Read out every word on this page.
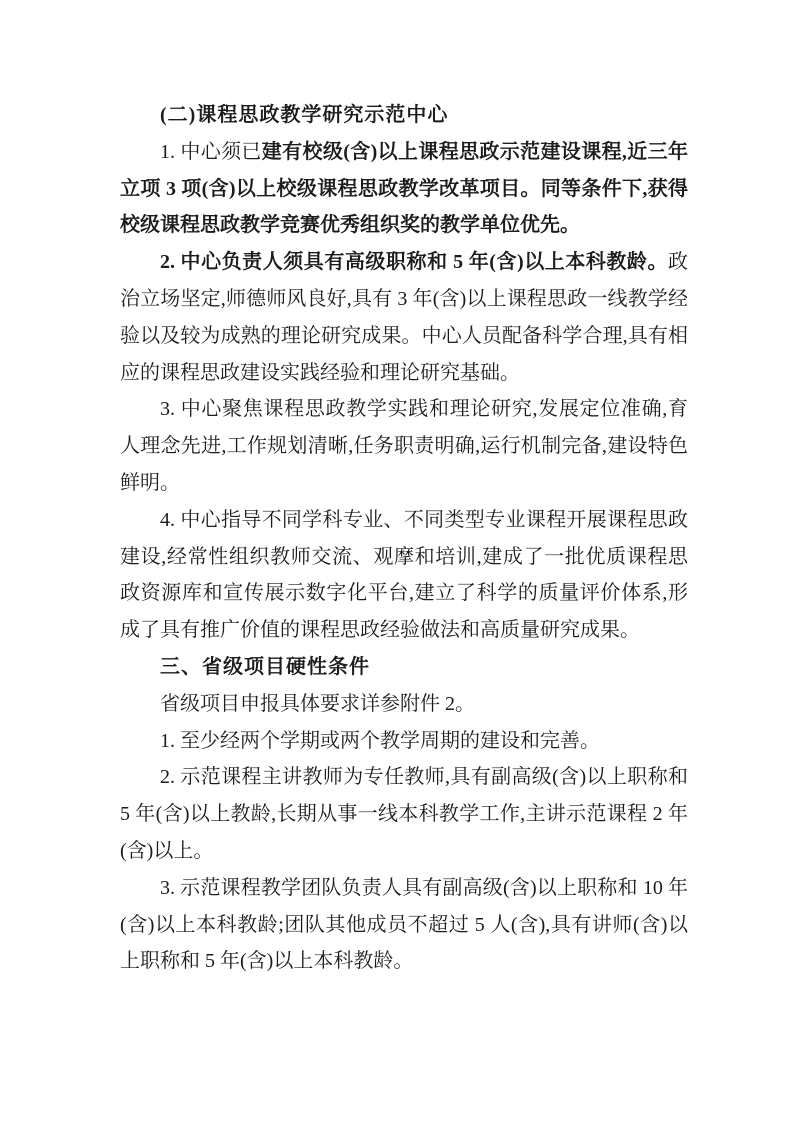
(二)课程思政教学研究示范中心

1. 中心须已建有校级(含)以上课程思政示范建设课程,近三年立项 3 项(含)以上校级课程思政教学改革项目。同等条件下,获得校级课程思政教学竞赛优秀组织奖的教学单位优先。

2. 中心负责人须具有高级职称和 5 年(含)以上本科教龄。政治立场坚定,师德师风良好,具有 3 年(含)以上课程思政一线教学经验以及较为成熟的理论研究成果。中心人员配备科学合理,具有相应的课程思政建设实践经验和理论研究基础。

3. 中心聚焦课程思政教学实践和理论研究,发展定位准确,育人理念先进,工作规划清晰,任务职责明确,运行机制完备,建设特色鲜明。

4. 中心指导不同学科专业、不同类型专业课程开展课程思政建设,经常性组织教师交流、观摩和培训,建成了一批优质课程思政资源库和宣传展示数字化平台,建立了科学的质量评价体系,形成了具有推广价值的课程思政经验做法和高质量研究成果。

三、省级项目硬性条件

省级项目申报具体要求详参附件 2。

1. 至少经两个学期或两个教学周期的建设和完善。

2. 示范课程主讲教师为专任教师,具有副高级(含)以上职称和 5 年(含)以上教龄,长期从事一线本科教学工作,主讲示范课程 2 年(含)以上。

3. 示范课程教学团队负责人具有副高级(含)以上职称和 10 年(含)以上本科教龄;团队其他成员不超过 5 人(含),具有讲师(含)以上职称和 5 年(含)以上本科教龄。
